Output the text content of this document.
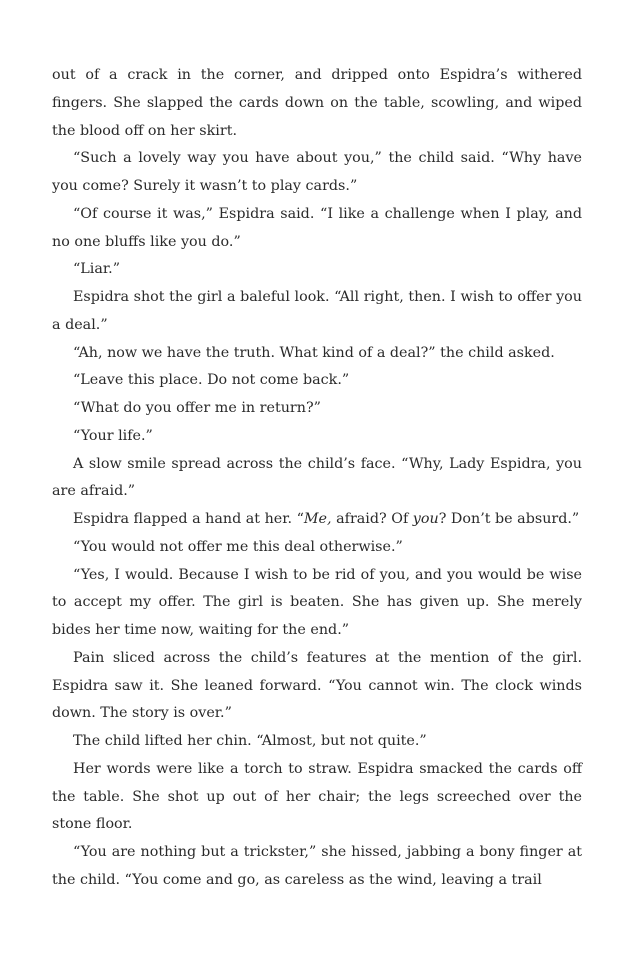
out of a crack in the corner, and dripped onto Espidra’s withered fingers. She slapped the cards down on the table, scowling, and wiped the blood off on her skirt.

“Such a lovely way you have about you,” the child said. “Why have you come? Surely it wasn’t to play cards.”

“Of course it was,” Espidra said. “I like a challenge when I play, and no one bluffs like you do.”

“Liar.”

Espidra shot the girl a baleful look. “All right, then. I wish to offer you a deal.”

“Ah, now we have the truth. What kind of a deal?” the child asked.

“Leave this place. Do not come back.”

“What do you offer me in return?”

“Your life.”

A slow smile spread across the child’s face. “Why, Lady Espidra, you are afraid.”

Espidra flapped a hand at her. “Me, afraid? Of you? Don’t be absurd.”

“You would not offer me this deal otherwise.”

“Yes, I would. Because I wish to be rid of you, and you would be wise to accept my offer. The girl is beaten. She has given up. She merely bides her time now, waiting for the end.”

Pain sliced across the child’s features at the mention of the girl. Espidra saw it. She leaned forward. “You cannot win. The clock winds down. The story is over.”

The child lifted her chin. “Almost, but not quite.”

Her words were like a torch to straw. Espidra smacked the cards off the table. She shot up out of her chair; the legs screeched over the stone floor.

“You are nothing but a trickster,” she hissed, jabbing a bony finger at the child. “You come and go, as careless as the wind, leaving a trail
